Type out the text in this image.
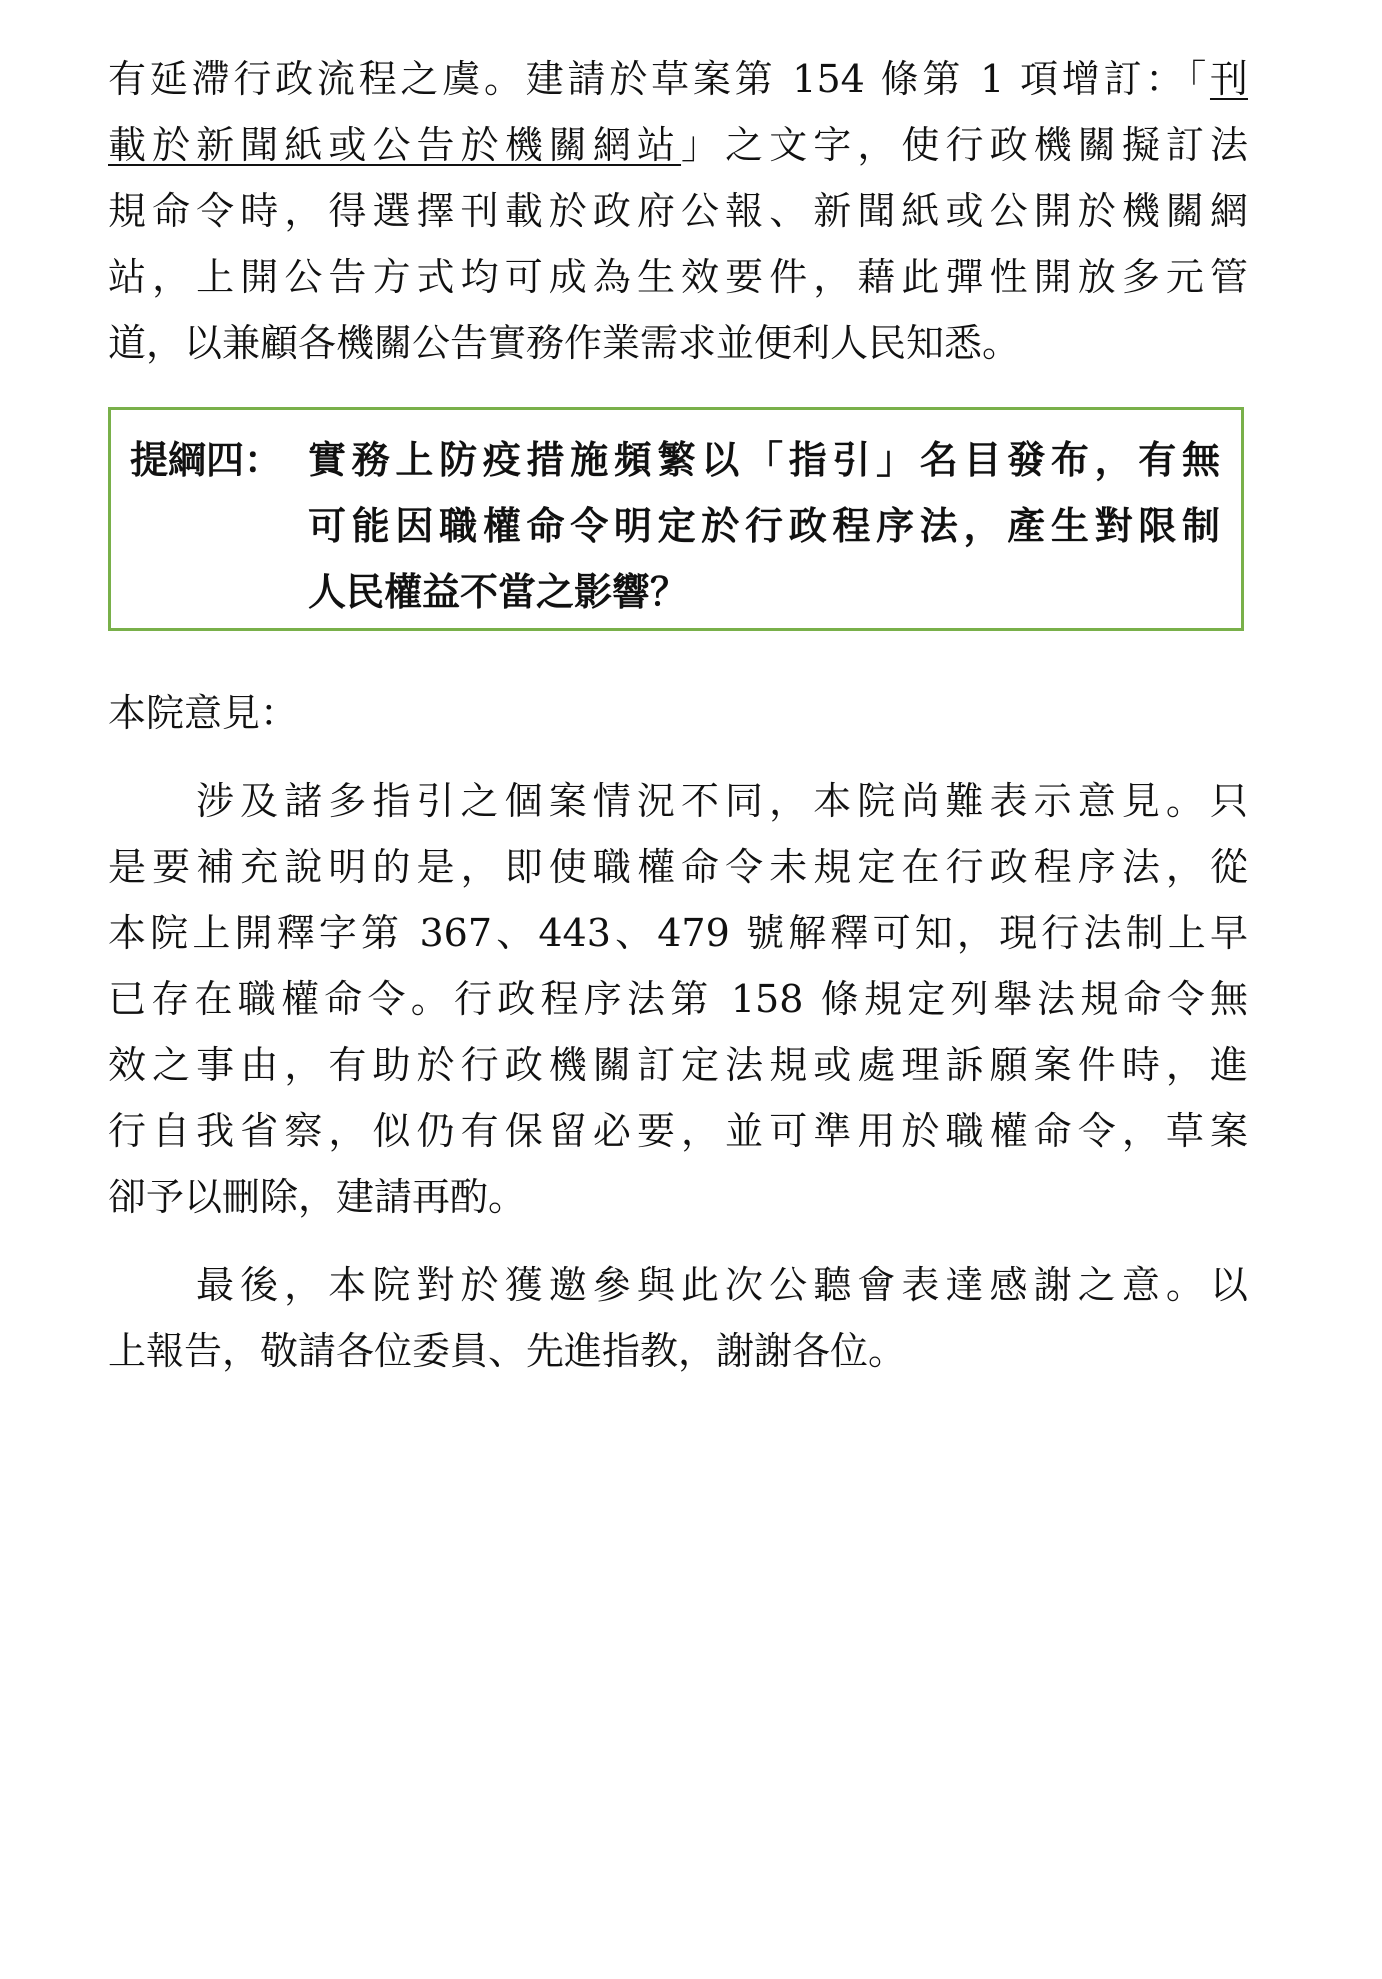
有延滯行政流程之虞。建請於草案第 154 條第 1 項增訂：「刊
載於新聞紙或公告於機關網站」之文字，使行政機關擬訂法
規命令時，得選擇刊載於政府公報、新聞紙或公開於機關網
站，上開公告方式均可成為生效要件，藉此彈性開放多元管
道，以兼顧各機關公告實務作業需求並便利人民知悉。
提綱四： 實務上防疫措施頻繁以「指引」名目發布，有無
可能因職權命令明定於行政程序法，產生對限制
人民權益不當之影響？
本院意見：
涉及諸多指引之個案情況不同，本院尚難表示意見。只
是要補充說明的是，即使職權命令未規定在行政程序法，從
本院上開釋字第 367、443、479 號解釋可知，現行法制上早
已存在職權命令。行政程序法第 158 條規定列舉法規命令無
效之事由，有助於行政機關訂定法規或處理訴願案件時，進
行自我省察，似仍有保留必要，並可準用於職權命令，草案
卻予以刪除，建請再酌。
最後，本院對於獲邀參與此次公聽會表達感謝之意。以
上報告，敬請各位委員、先進指教，謝謝各位。
